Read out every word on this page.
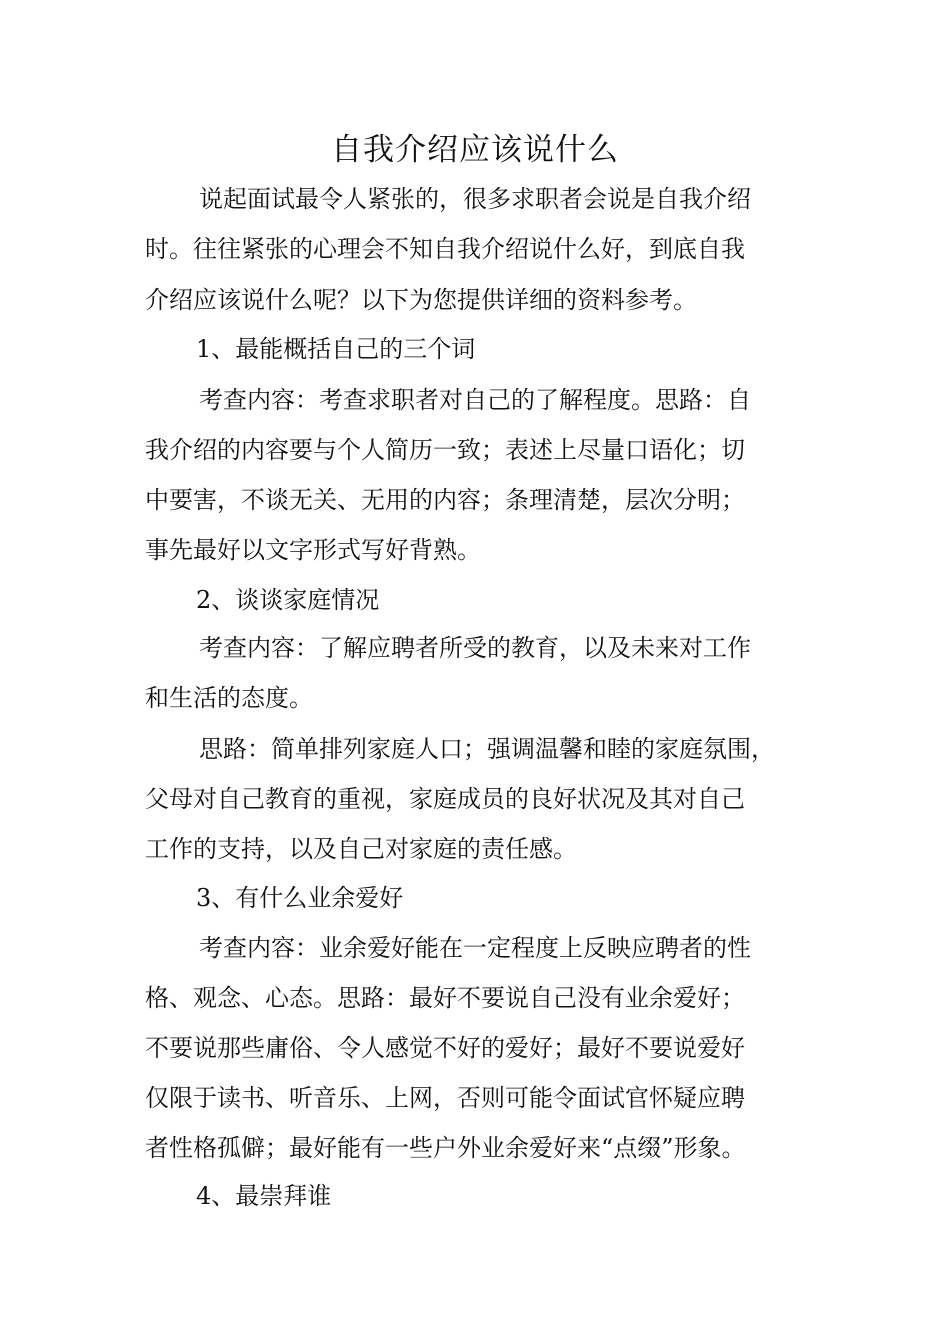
自我介绍应该说什么

说起面试最令人紧张的，很多求职者会说是自我介绍

时。往往紧张的心理会不知自我介绍说什么好，到底自我

介绍应该说什么呢？以下为您提供详细的资料参考。

1、最能概括自己的三个词

考查内容：考查求职者对自己的了解程度。思路：自

我介绍的内容要与个人简历一致；表述上尽量口语化；切

中要害，不谈无关、无用的内容；条理清楚，层次分明；

事先最好以文字形式写好背熟。

2、谈谈家庭情况

考查内容：了解应聘者所受的教育，以及未来对工作

和生活的态度。

思路：简单排列家庭人口；强调温馨和睦的家庭氛围，

父母对自己教育的重视，家庭成员的良好状况及其对自己

工作的支持，以及自己对家庭的责任感。

3、有什么业余爱好

考查内容：业余爱好能在一定程度上反映应聘者的性

格、观念、心态。思路：最好不要说自己没有业余爱好；

不要说那些庸俗、令人感觉不好的爱好；最好不要说爱好

仅限于读书、听音乐、上网，否则可能令面试官怀疑应聘

者性格孤僻；最好能有一些户外业余爱好来“点缀”形象。

4、最崇拜谁
